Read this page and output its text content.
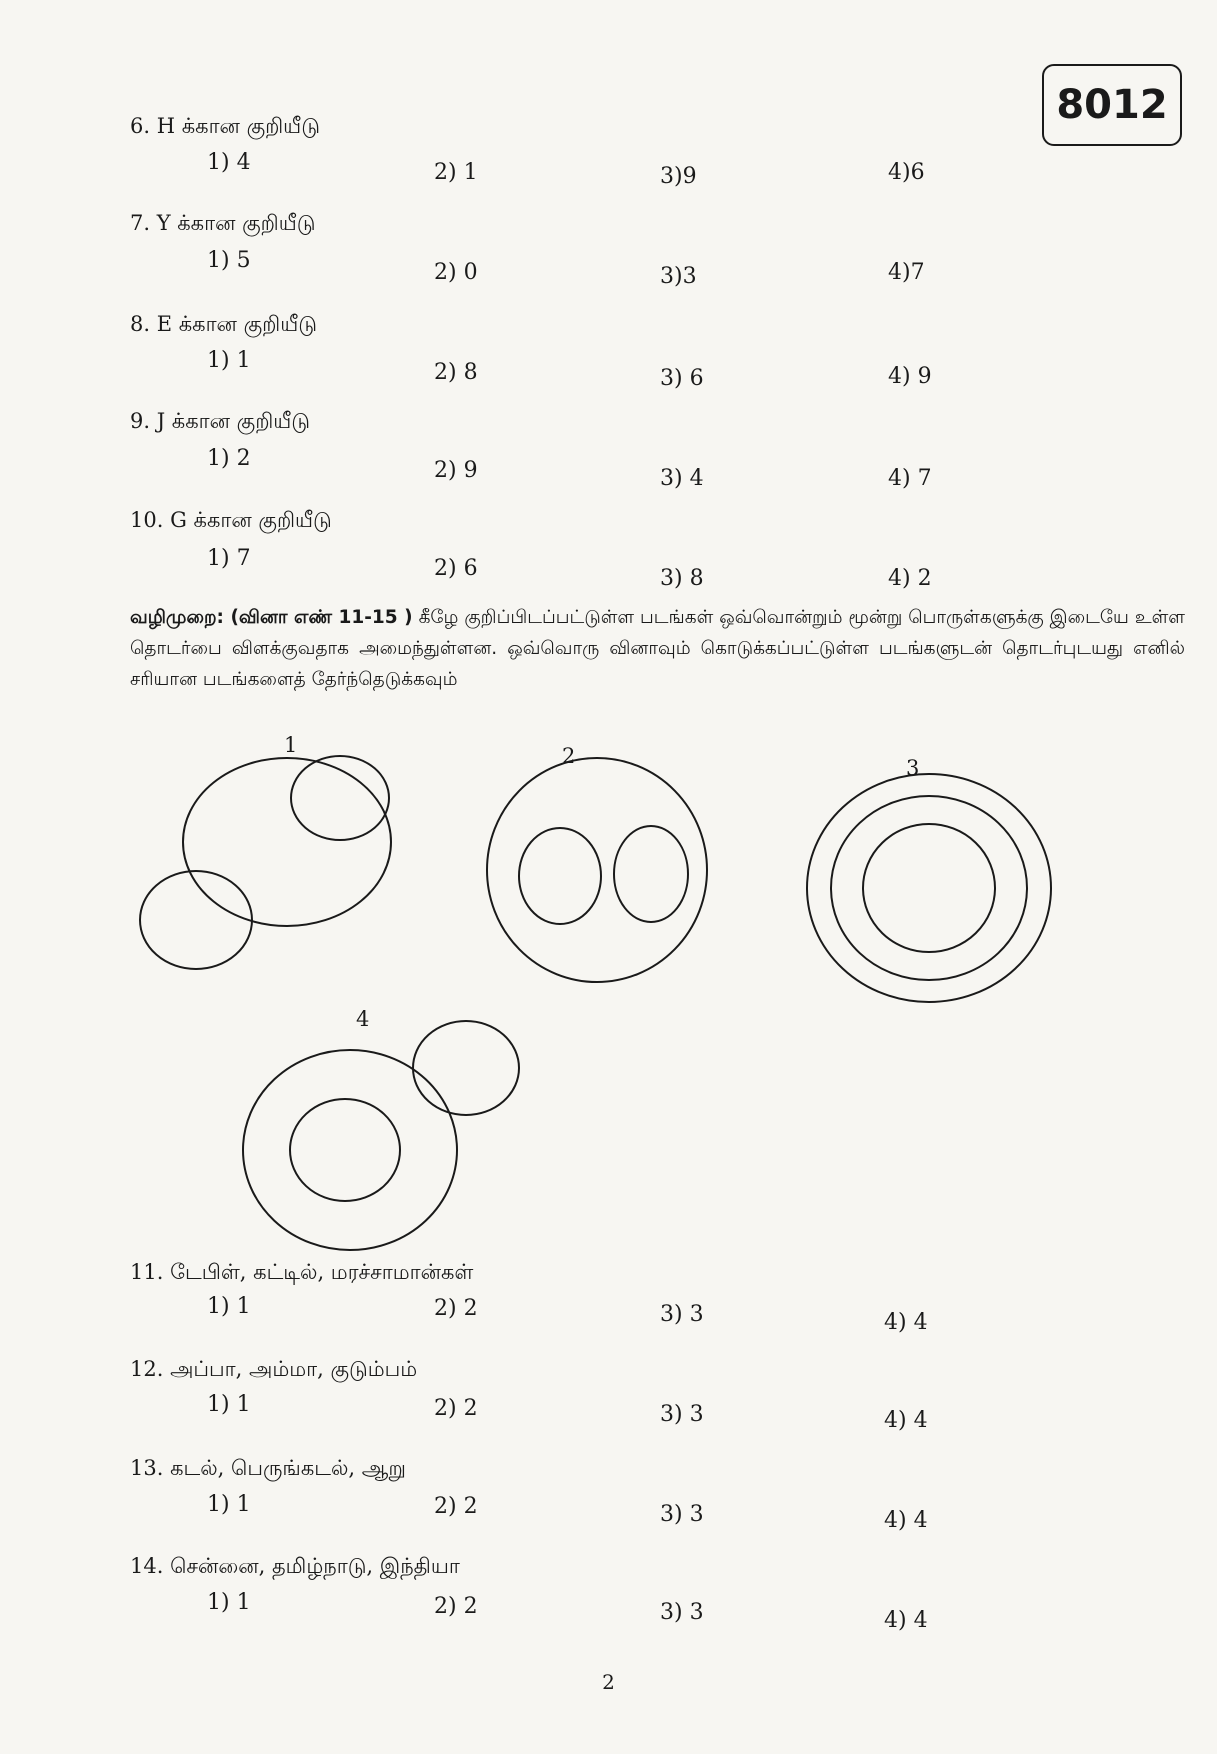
8012
6. H க்கான குறியீடு
1) 4	2) 1	3)9	4)6
7. Y க்கான குறியீடு
1) 5	2) 0	3)3	4)7
8. E க்கான குறியீடு
1) 1	2) 8	3) 6	4) 9
9. J க்கான குறியீடு
1) 2	2) 9	3) 4	4) 7
10. G க்கான குறியீடு
1) 7	2) 6	3) 8	4) 2
வழிமுறை: (வினா எண் 11-15 ) கீழே குறிப்பிடப்பட்டுள்ள படங்கள் ஒவ்வொன்றும் மூன்று பொருள்களுக்கு இடையே உள்ள தொடர்பை விளக்குவதாக அமைந்துள்ளன. ஒவ்வொரு வினாவும் கொடுக்கப்பட்டுள்ள படங்களுடன் தொடர்புடயது எனில் சரியான படங்களைத் தேர்ந்தெடுக்கவும்
1	2	3
4
11. டேபிள், கட்டில், மரச்சாமான்கள்
1) 1	2) 2	3) 3	4) 4
12. அப்பா, அம்மா, குடும்பம்
1) 1	2) 2	3) 3	4) 4
13. கடல், பெருங்கடல், ஆறு
1) 1	2) 2	3) 3	4) 4
14. சென்னை, தமிழ்நாடு, இந்தியா
1) 1	2) 2	3) 3	4) 4
2
